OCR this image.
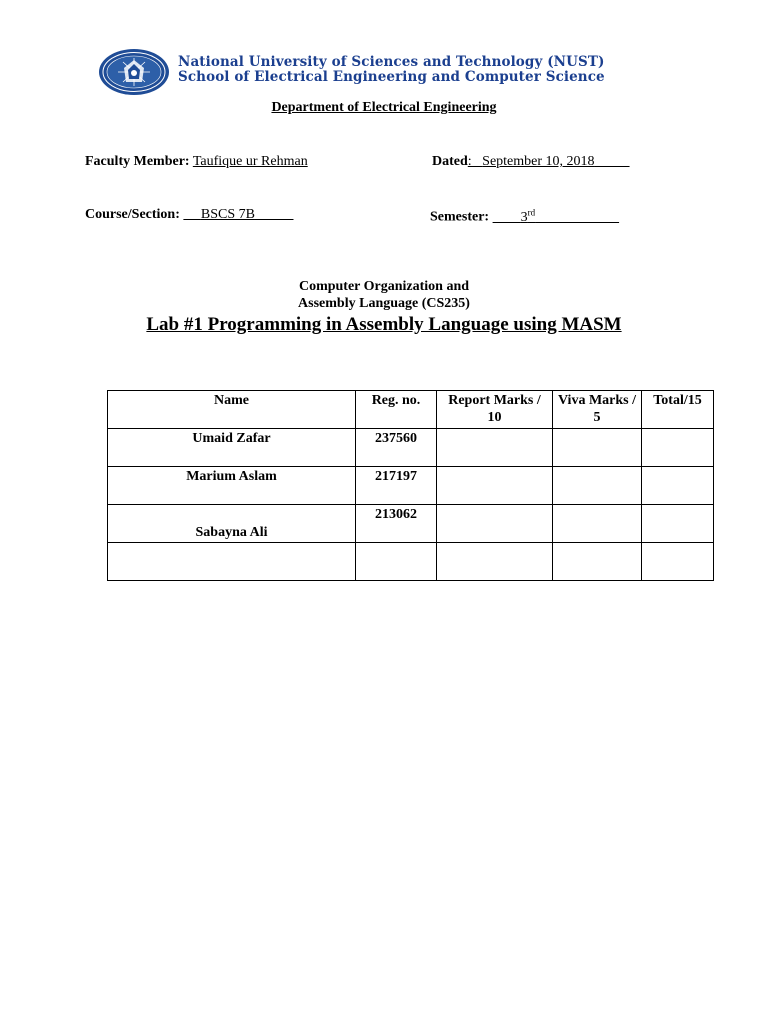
National University of Sciences and Technology (NUST)
School of Electrical Engineering and Computer Science
Department of Electrical Engineering
Faculty Member: Taufique ur Rehman	Dated:   September 10, 2018
Course/Section: BSCS 7B	Semester: 3rd
Computer Organization and
Assembly Language (CS235)
Lab #1 Programming in Assembly Language using MASM
Name	Reg. no.	Report Marks / 10	Viva Marks / 5	Total/15
Umaid Zafar	237560			
Marium Aslam	217197			
Sabayna Ali	213062			
